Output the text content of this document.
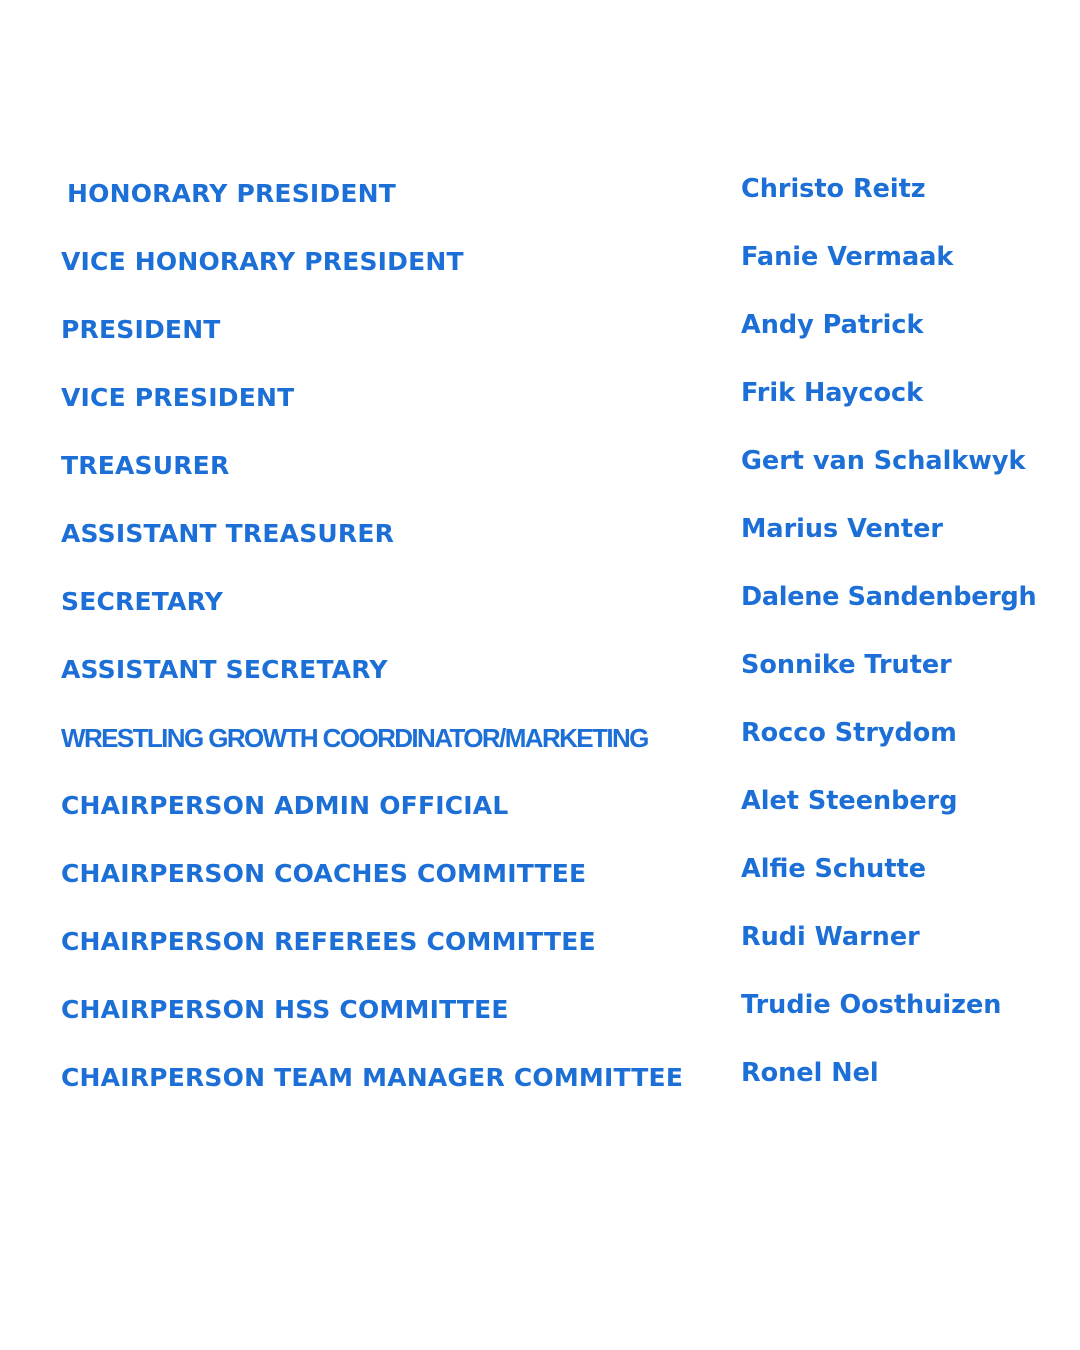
HONORARY PRESIDENT	Christo Reitz
VICE HONORARY PRESIDENT	Fanie Vermaak
PRESIDENT	Andy Patrick
VICE PRESIDENT	Frik Haycock
TREASURER	Gert van Schalkwyk
ASSISTANT TREASURER	Marius Venter
SECRETARY	Dalene Sandenbergh
ASSISTANT SECRETARY	Sonnike Truter
WRESTLING GROWTH COORDINATOR/MARKETING	Rocco Strydom
CHAIRPERSON ADMIN OFFICIAL	Alet Steenberg
CHAIRPERSON COACHES COMMITTEE	Alfie Schutte
CHAIRPERSON REFEREES COMMITTEE	Rudi Warner
CHAIRPERSON HSS COMMITTEE	Trudie Oosthuizen
CHAIRPERSON TEAM MANAGER COMMITTEE Ronel Nel
